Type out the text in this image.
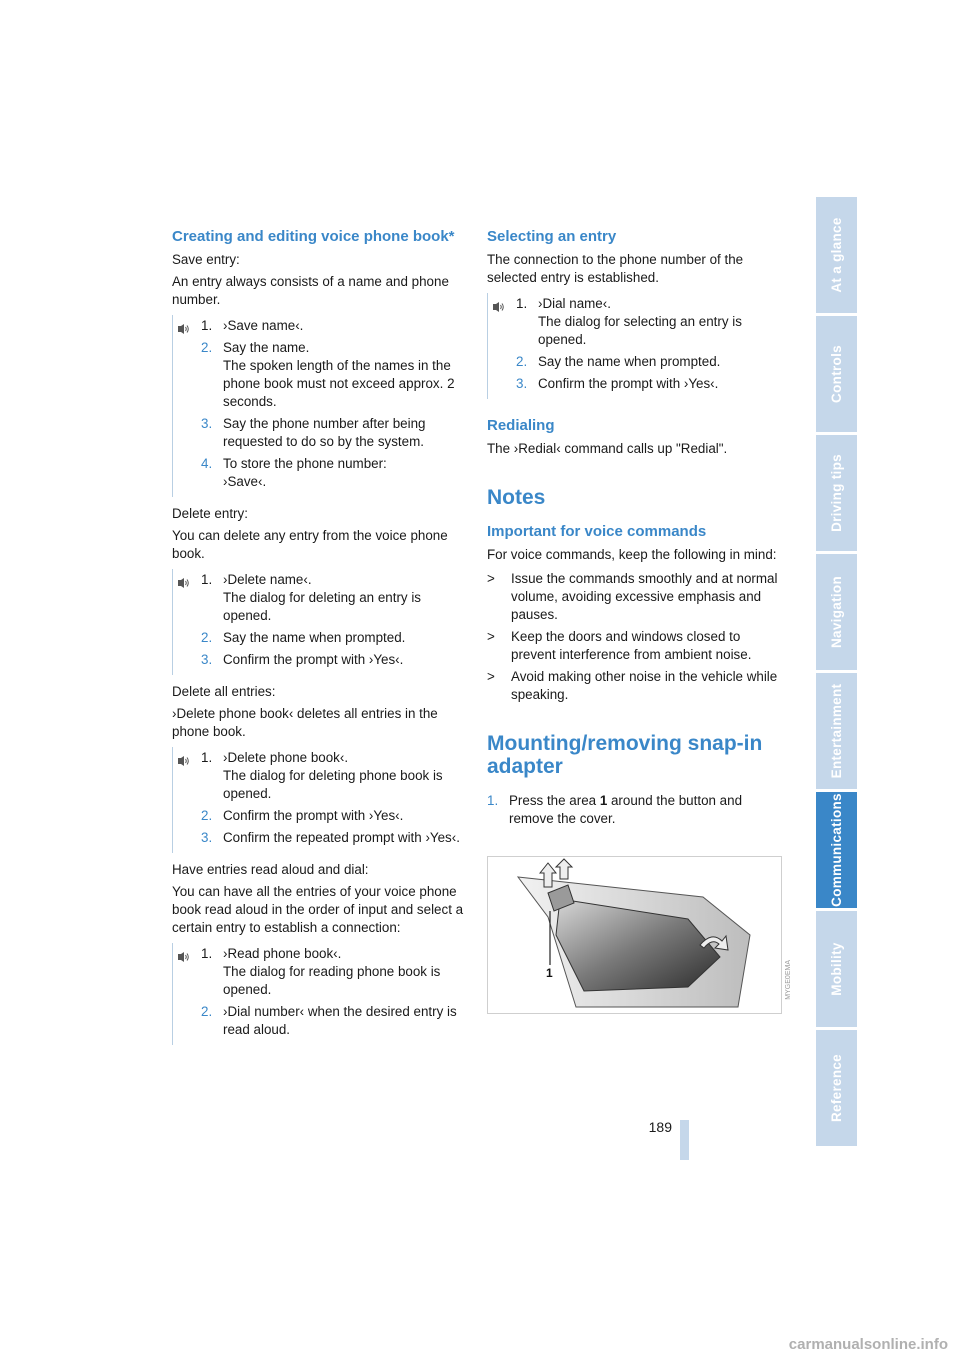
Creating and editing voice phone book*

Save entry:

An entry always consists of a name and phone number.

1. ›Save name‹.
2. Say the name.
The spoken length of the names in the phone book must not exceed approx. 2 seconds.
3. Say the phone number after being requested to do so by the system.
4. To store the phone number:
›Save‹.

Delete entry:

You can delete any entry from the voice phone book.

1. ›Delete name‹.
The dialog for deleting an entry is opened.
2. Say the name when prompted.
3. Confirm the prompt with ›Yes‹.

Delete all entries:

›Delete phone book‹ deletes all entries in the phone book.

1. ›Delete phone book‹.
The dialog for deleting phone book is opened.
2. Confirm the prompt with ›Yes‹.
3. Confirm the repeated prompt with ›Yes‹.

Have entries read aloud and dial:

You can have all the entries of your voice phone book read aloud in the order of input and select a certain entry to establish a connection:

1. ›Read phone book‹.
The dialog for reading phone book is opened.
2. ›Dial number‹ when the desired entry is read aloud.
Selecting an entry

The connection to the phone number of the selected entry is established.

1. ›Dial name‹.
The dialog for selecting an entry is opened.
2. Say the name when prompted.
3. Confirm the prompt with ›Yes‹.
Redialing

The ›Redial‹ command calls up "Redial".

Notes
Important for voice commands

For voice commands, keep the following in mind:

>	Issue the commands smoothly and at normal volume, avoiding excessive emphasis and pauses.
>	Keep the doors and windows closed to prevent interference from ambient noise.
>	Avoid making other noise in the vehicle while speaking.
Mounting/removing snap-in adapter
1. Press the area 1 around the button and remove the cover.
1	MYGE0EMA
At a glance
Controls
Driving tips
Navigation
Entertainment
Communications
Mobility
Reference
189
carmanualsonline.info
